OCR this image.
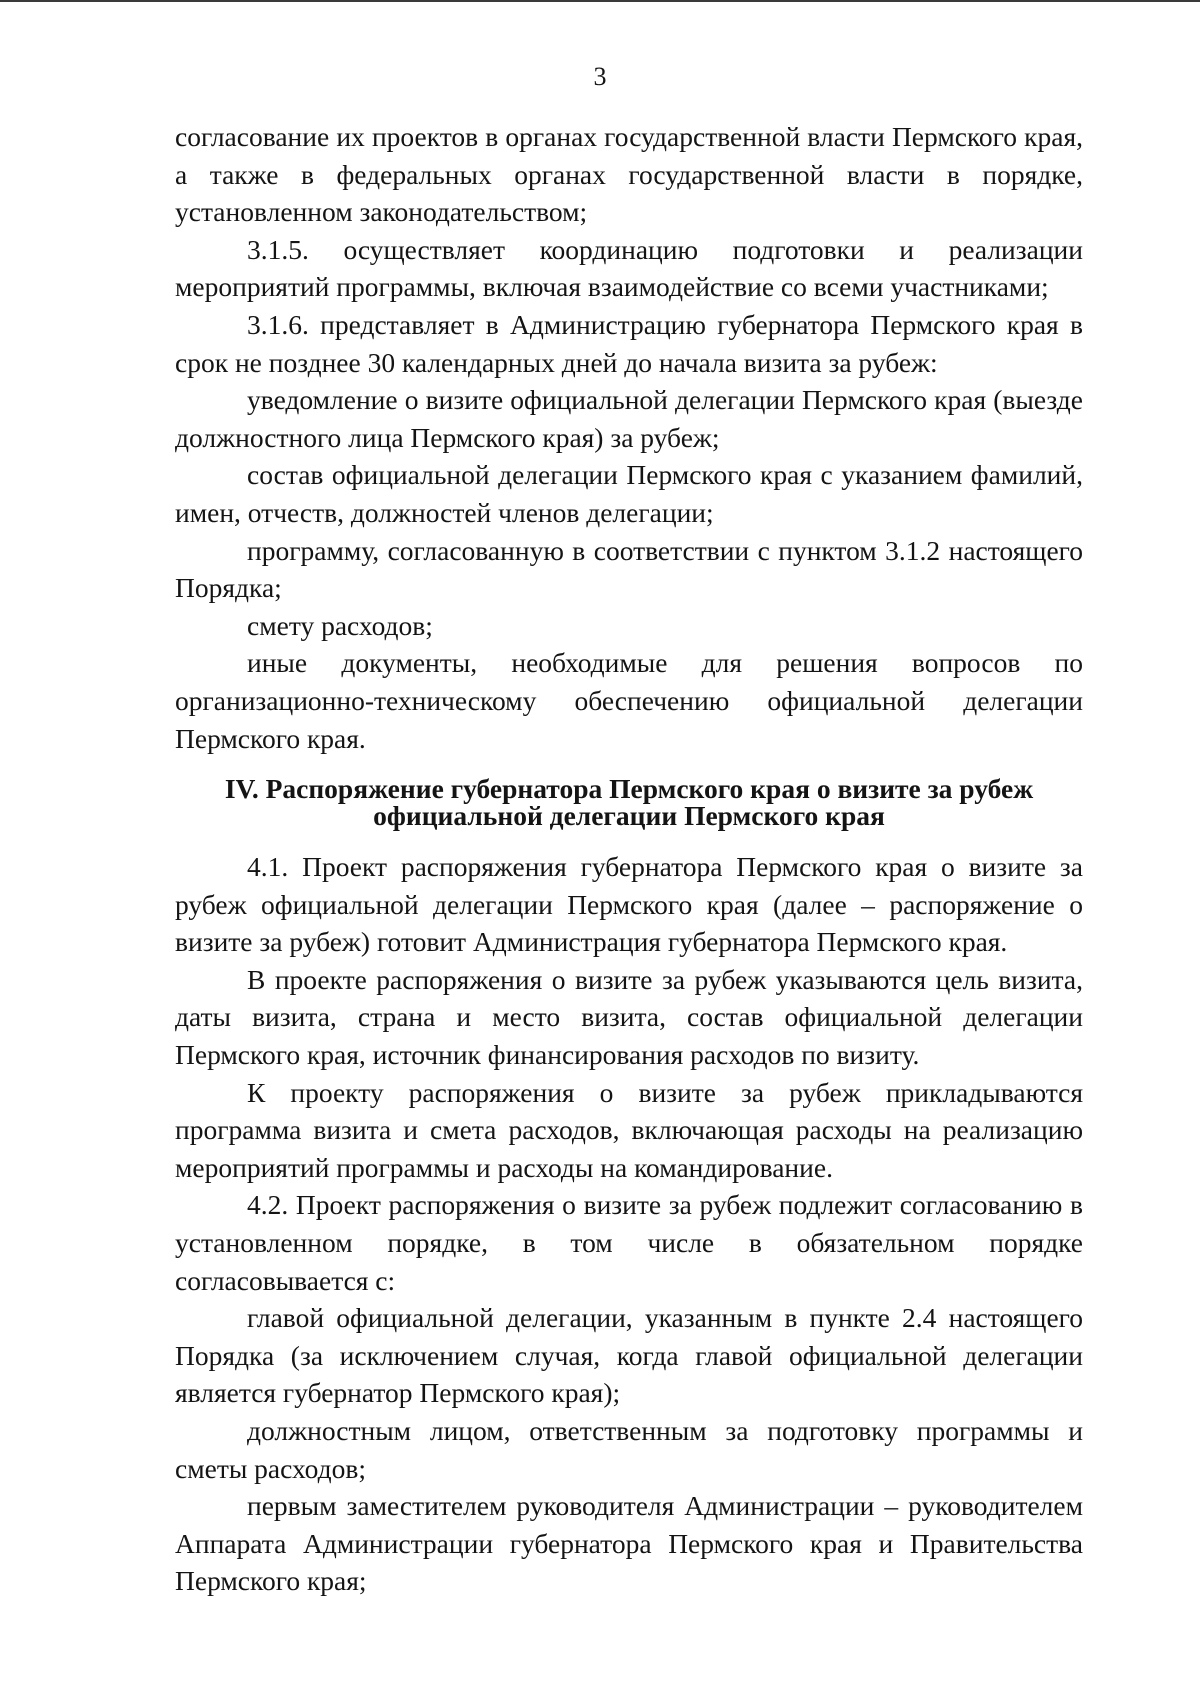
3

согласование их проектов в органах государственной власти Пермского края, а также в федеральных органах государственной власти в порядке, установленном законодательством;

3.1.5. осуществляет координацию подготовки и реализации мероприятий программы, включая взаимодействие со всеми участниками;

3.1.6. представляет в Администрацию губернатора Пермского края в срок не позднее 30 календарных дней до начала визита за рубеж:

уведомление о визите официальной делегации Пермского края (выезде должностного лица Пермского края) за рубеж;

состав официальной делегации Пермского края с указанием фамилий, имен, отчеств, должностей членов делегации;

программу, согласованную в соответствии с пунктом 3.1.2 настоящего Порядка;

смету расходов;

иные документы, необходимые для решения вопросов по организационно-техническому обеспечению официальной делегации Пермского края.

IV. Распоряжение губернатора Пермского края о визите за рубеж
официальной делегации Пермского края

4.1. Проект распоряжения губернатора Пермского края о визите за рубеж официальной делегации Пермского края (далее – распоряжение о визите за рубеж) готовит Администрация губернатора Пермского края.

В проекте распоряжения о визите за рубеж указываются цель визита, даты визита, страна и место визита, состав официальной делегации Пермского края, источник финансирования расходов по визиту.

К проекту распоряжения о визите за рубеж прикладываются программа визита и смета расходов, включающая расходы на реализацию мероприятий программы и расходы на командирование.

4.2. Проект распоряжения о визите за рубеж подлежит согласованию в установленном порядке, в том числе в обязательном порядке согласовывается с:

главой официальной делегации, указанным в пункте 2.4 настоящего Порядка (за исключением случая, когда главой официальной делегации является губернатор Пермского края);

должностным лицом, ответственным за подготовку программы и сметы расходов;

первым заместителем руководителя Администрации – руководителем Аппарата Администрации губернатора Пермского края и Правительства Пермского края;
